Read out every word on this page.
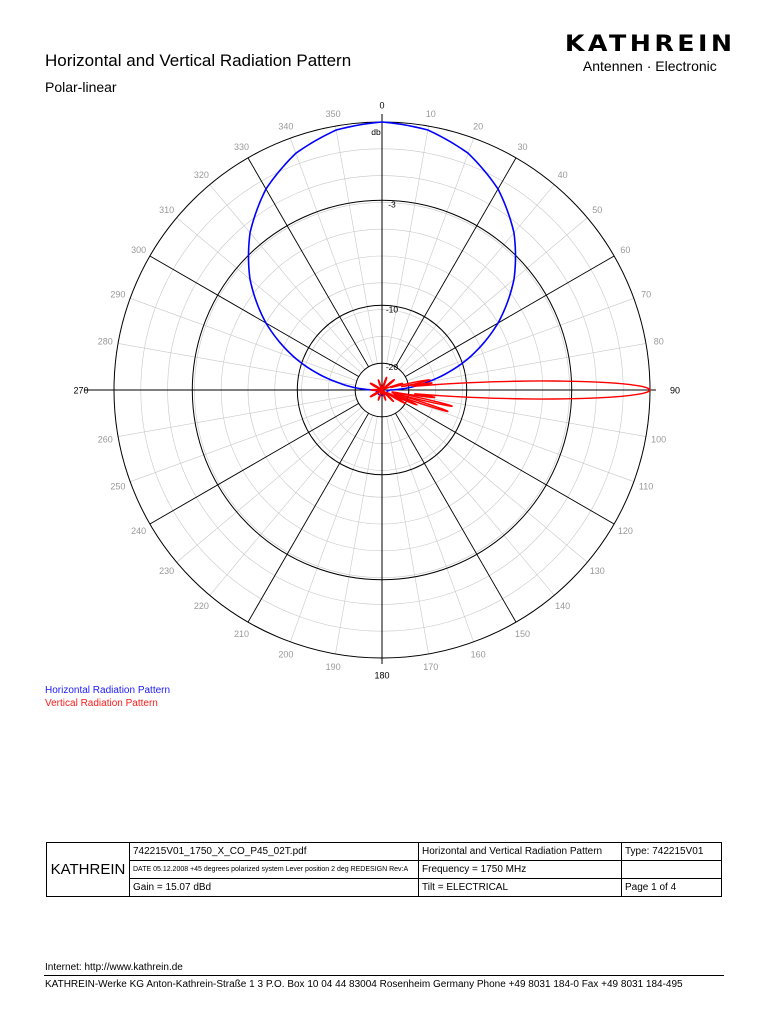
Horizontal and Vertical Radiation Pattern
Polar-linear
KATHREIN
Antennen · Electronic
0
10
20
30
40
50
60
70
80
90
100
110
120
130
140
150
160
170
180
190
200
210
220
230
240
250
260
270
280
290
300
310
320
330
340
350
db
-3
-10
-20
Horizontal Radiation Pattern
Vertical Radiation Pattern
KATHREIN	742215V01_1750_X_CO_P45_02T.pdf	Horizontal and Vertical Radiation Pattern	Type: 742215V01
	DATE 05.12.2008 +45 degrees polarized system Lever position 2 deg REDESIGN Rev:A	Frequency = 1750 MHz	
	Gain = 15.07 dBd	Tilt = ELECTRICAL	Page 1 of 4
Internet: http://www.kathrein.de
KATHREIN-Werke KG Anton-Kathrein-Straße 1 3 P.O. Box 10 04 44 83004 Rosenheim Germany Phone +49 8031 184-0 Fax +49 8031 184-495
